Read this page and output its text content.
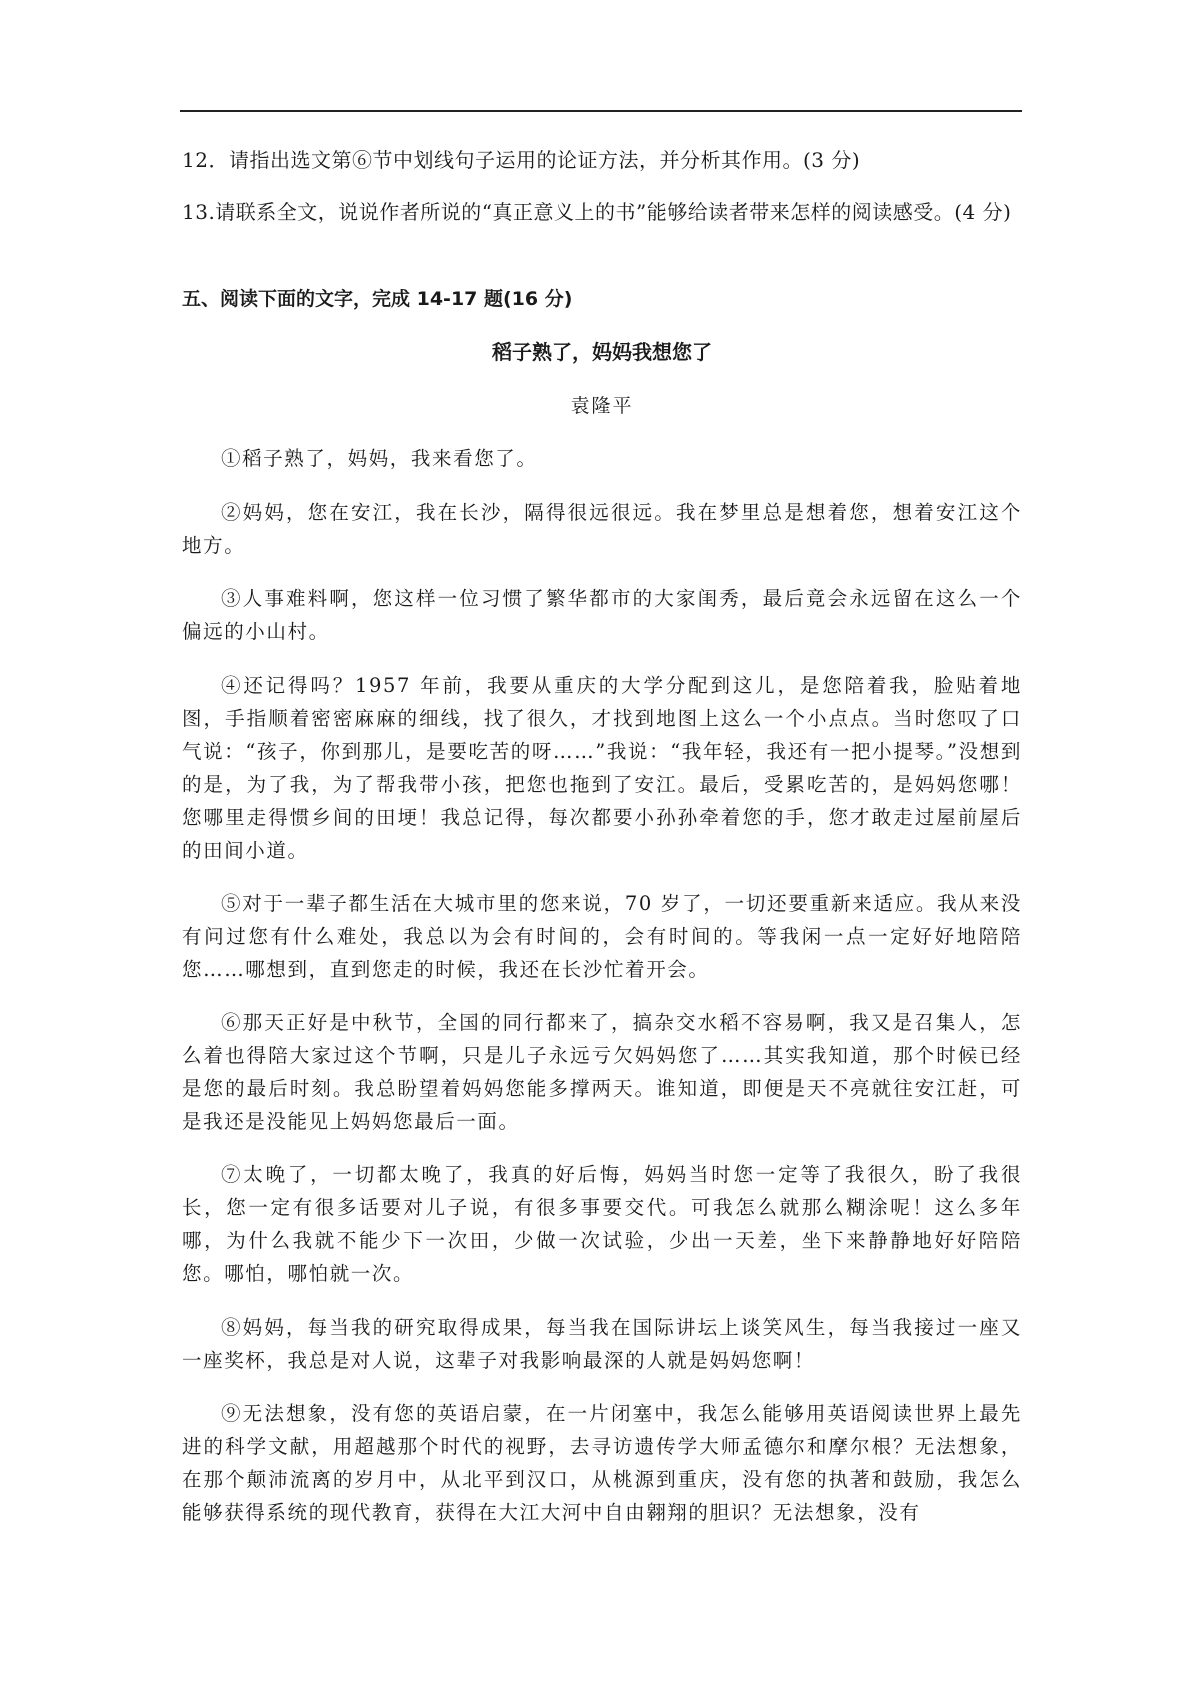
12．请指出选文第⑥节中划线句子运用的论证方法，并分析其作用。(3 分)
13.请联系全文，说说作者所说的“真正意义上的书”能够给读者带来怎样的阅读感受。(4 分)
五、阅读下面的文字，完成 14-17 题(16 分)
稻子熟了，妈妈我想您了
袁隆平
①稻子熟了，妈妈，我来看您了。
②妈妈，您在安江，我在长沙，隔得很远很远。我在梦里总是想着您，想着安江这个地方。
③人事难料啊，您这样一位习惯了繁华都市的大家闺秀，最后竟会永远留在这么一个偏远的小山村。
④还记得吗？1957 年前，我要从重庆的大学分配到这儿，是您陪着我，脸贴着地图，手指顺着密密麻麻的细线，找了很久，才找到地图上这么一个小点点。当时您叹了口气说：“孩子，你到那儿，是要吃苦的呀……”我说：“我年轻，我还有一把小提琴。”没想到的是，为了我，为了帮我带小孩，把您也拖到了安江。最后，受累吃苦的，是妈妈您哪！您哪里走得惯乡间的田埂！我总记得，每次都要小孙孙牵着您的手，您才敢走过屋前屋后的田间小道。
⑤对于一辈子都生活在大城市里的您来说，70 岁了，一切还要重新来适应。我从来没有问过您有什么难处，我总以为会有时间的，会有时间的。等我闲一点一定好好地陪陪您……哪想到，直到您走的时候，我还在长沙忙着开会。
⑥那天正好是中秋节，全国的同行都来了，搞杂交水稻不容易啊，我又是召集人，怎么着也得陪大家过这个节啊，只是儿子永远亏欠妈妈您了……其实我知道，那个时候已经是您的最后时刻。我总盼望着妈妈您能多撑两天。谁知道，即便是天不亮就往安江赶，可是我还是没能见上妈妈您最后一面。
⑦太晚了，一切都太晚了，我真的好后悔，妈妈当时您一定等了我很久，盼了我很长，您一定有很多话要对儿子说，有很多事要交代。可我怎么就那么糊涂呢！这么多年哪，为什么我就不能少下一次田，少做一次试验，少出一天差，坐下来静静地好好陪陪您。哪怕，哪怕就一次。
⑧妈妈，每当我的研究取得成果，每当我在国际讲坛上谈笑风生，每当我接过一座又一座奖杯，我总是对人说，这辈子对我影响最深的人就是妈妈您啊！
⑨无法想象，没有您的英语启蒙，在一片闭塞中，我怎么能够用英语阅读世界上最先进的科学文献，用超越那个时代的视野，去寻访遗传学大师孟德尔和摩尔根？无法想象，在那个颠沛流离的岁月中，从北平到汉口，从桃源到重庆，没有您的执著和鼓励，我怎么能够获得系统的现代教育，获得在大江大河中自由翱翔的胆识？无法想象，没有
